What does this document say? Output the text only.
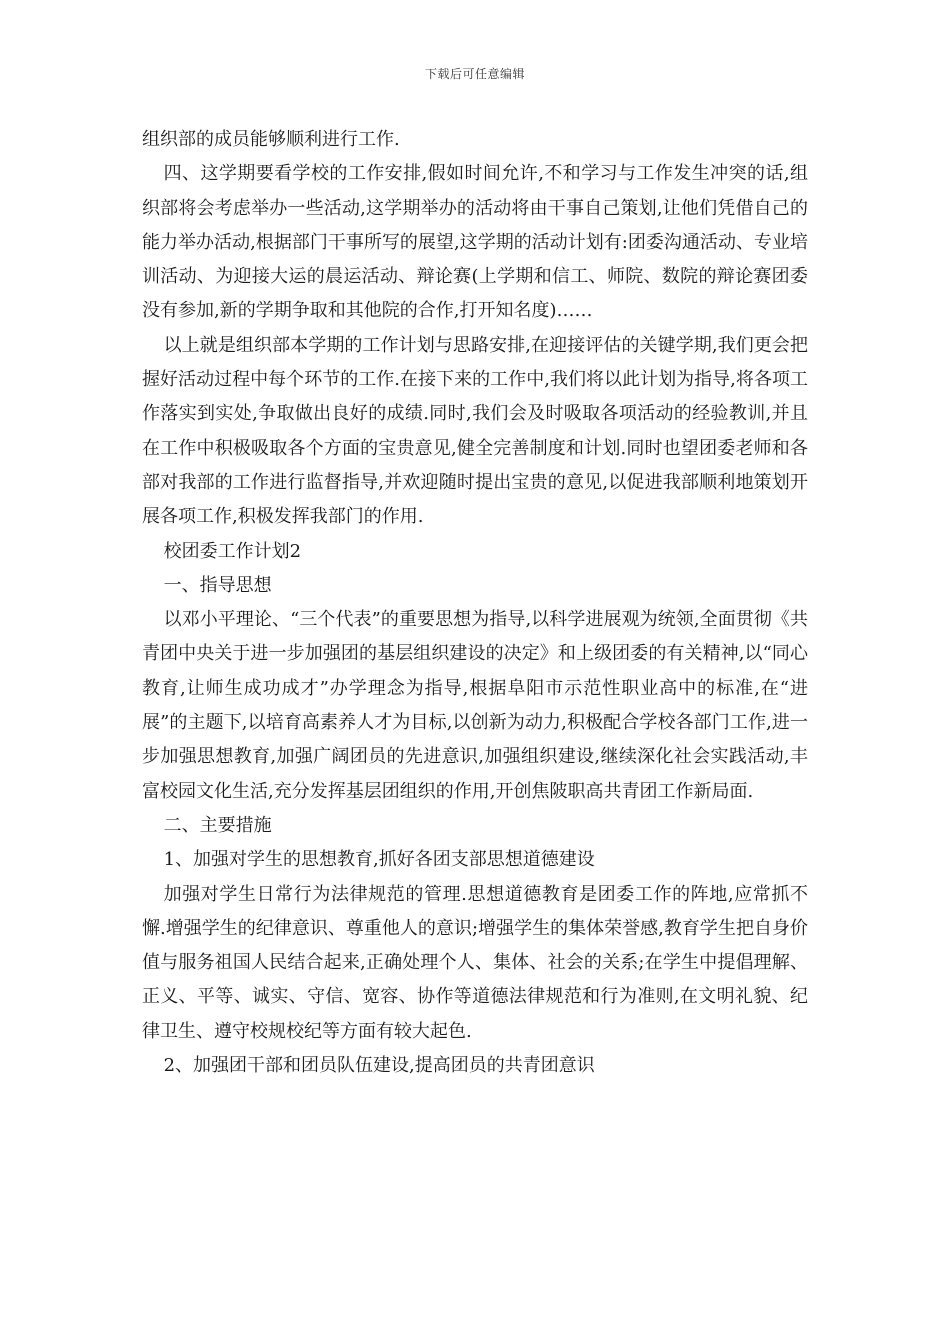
下载后可任意编辑

组织部的成员能够顺利进行工作.

四、这学期要看学校的工作安排,假如时间允许,不和学习与工作发生冲突的话,组织部将会考虑举办一些活动,这学期举办的活动将由干事自己策划,让他们凭借自己的能力举办活动,根据部门干事所写的展望,这学期的活动计划有:团委沟通活动、专业培训活动、为迎接大运的晨运活动、辩论赛(上学期和信工、师院、数院的辩论赛团委没有参加,新的学期争取和其他院的合作,打开知名度)……

以上就是组织部本学期的工作计划与思路安排,在迎接评估的关键学期,我们更会把握好活动过程中每个环节的工作.在接下来的工作中,我们将以此计划为指导,将各项工作落实到实处,争取做出良好的成绩.同时,我们会及时吸取各项活动的经验教训,并且在工作中积极吸取各个方面的宝贵意见,健全完善制度和计划.同时也望团委老师和各部对我部的工作进行监督指导,并欢迎随时提出宝贵的意见,以促进我部顺利地策划开展各项工作,积极发挥我部门的作用.

校团委工作计划2

一、指导思想

以邓小平理论、“三个代表”的重要思想为指导,以科学进展观为统领,全面贯彻《共青团中央关于进一步加强团的基层组织建设的决定》和上级团委的有关精神,以“同心教育,让师生成功成才”办学理念为指导,根据阜阳市示范性职业高中的标准,在“进展”的主题下,以培育高素养人才为目标,以创新为动力,积极配合学校各部门工作,进一步加强思想教育,加强广阔团员的先进意识,加强组织建设,继续深化社会实践活动,丰富校园文化生活,充分发挥基层团组织的作用,开创焦陂职高共青团工作新局面.

二、主要措施

1、加强对学生的思想教育,抓好各团支部思想道德建设

加强对学生日常行为法律规范的管理.思想道德教育是团委工作的阵地,应常抓不懈.增强学生的纪律意识、尊重他人的意识;增强学生的集体荣誉感,教育学生把自身价值与服务祖国人民结合起来,正确处理个人、集体、社会的关系;在学生中提倡理解、正义、平等、诚实、守信、宽容、协作等道德法律规范和行为准则,在文明礼貌、纪律卫生、遵守校规校纪等方面有较大起色.

2、加强团干部和团员队伍建设,提高团员的共青团意识
